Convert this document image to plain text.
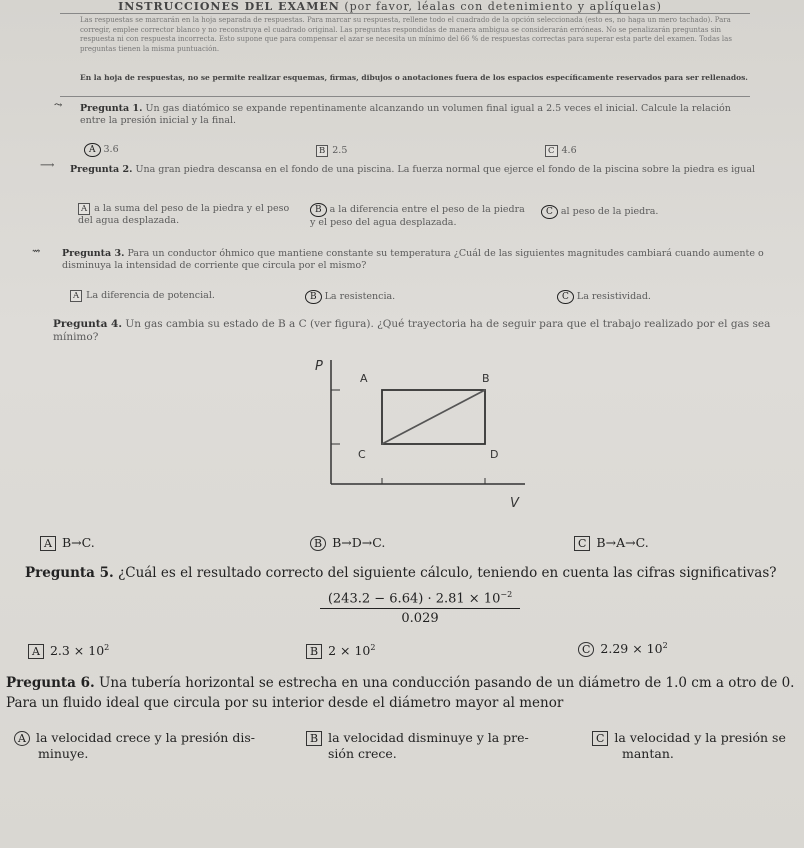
INSTRUCCIONES DEL EXAMEN (por favor, léalas con detenimiento y aplíquelas)
Las respuestas se marcarán en la hoja separada de respuestas. Para marcar su respuesta, rellene todo el cuadrado de la opción seleccionada (esto es, no haga un mero tachado). Para corregir, emplee corrector blanco y no reconstruya el cuadrado original. Las preguntas respondidas de manera ambigua se considerarán erróneas. No se penalizarán preguntas sin respuesta ni con respuesta incorrecta. Esto supone que para compensar el azar se necesita un mínimo del 66 % de respuestas correctas para superar esta parte del examen. Todas las preguntas tienen la misma puntuación.
En la hoja de respuestas, no se permite realizar esquemas, firmas, dibujos o anotaciones fuera de los espacios específicamente reservados para ser rellenados.
⤳ Pregunta 1. Un gas diatómico se expande repentinamente alcanzando un volumen final igual a 2.5 veces el inicial. Calcule la relación entre la presión inicial y la final.
A 3.6	B 2.5	C 4.6
⟶ Pregunta 2. Una gran piedra descansa en el fondo de una piscina. La fuerza normal que ejerce el fondo de la piscina sobre la piedra es igual
A a la suma del peso de la piedra y el peso del agua desplazada.
B a la diferencia entre el peso de la piedra y el peso del agua desplazada.
C al peso de la piedra.
⇝ Pregunta 3. Para un conductor óhmico que mantiene constante su temperatura ¿Cuál de las siguientes magnitudes cambiará cuando aumente o disminuya la intensidad de corriente que circula por el mismo?
A La diferencia de potencial.	B La resistencia.	C La resistividad.
Pregunta 4. Un gas cambia su estado de B a C (ver figura). ¿Qué trayectoria ha de seguir para que el trabajo realizado por el gas sea mínimo?
P
A	B
C	D
V
A B→C.	B B→D→C.	C B→A→C.
Pregunta 5. ¿Cuál es el resultado correcto del siguiente cálculo, teniendo en cuenta las cifras significativas?
$\frac{(243.2 - 6.64) \cdot 2.81 \times 10^{-2}}{0.029}$
A $2.3 \times 10^2$	B $2 \times 10^2$	C $2.29 \times 10^2$
Pregunta 6. Una tubería horizontal se estrecha en una conducción pasando de un diámetro de 1.0 cm a otro de 0.
Para un fluido ideal que circula por su interior desde el diámetro mayor al menor
A la velocidad crece y la presión dis-
minuye.
B la velocidad disminuye y la pre-
sión crece.
C la velocidad y la presión se
mantan.
